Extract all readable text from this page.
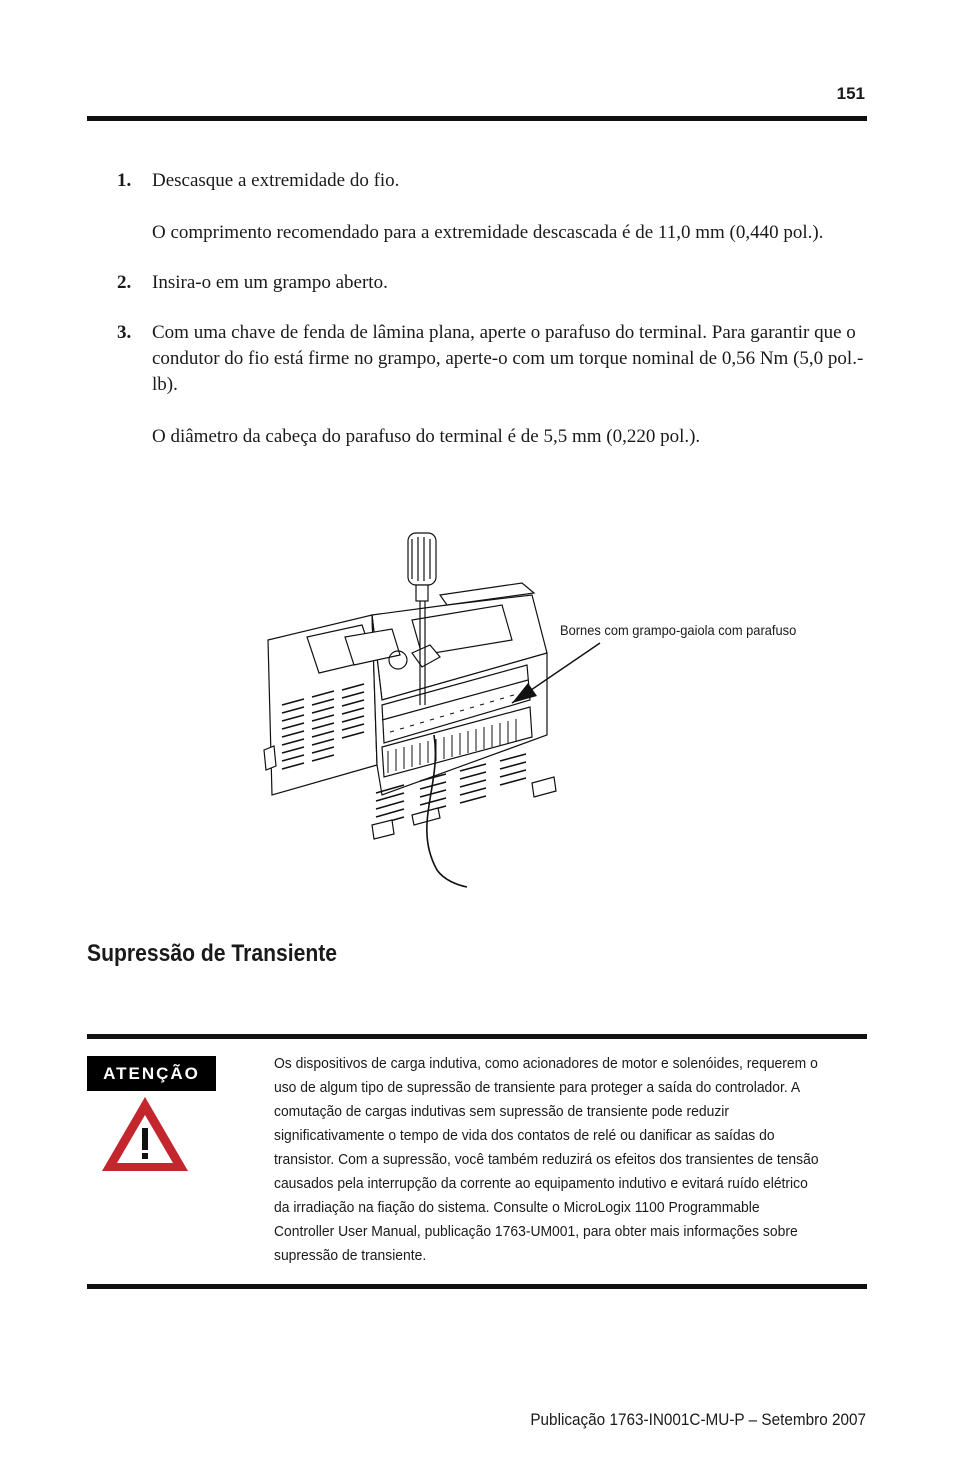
151
1. Descasque a extremidade do fio.

O comprimento recomendado para a extremidade descascada é de 11,0 mm (0,440 pol.).

2. Insira-o em um grampo aberto.

3. Com uma chave de fenda de lâmina plana, aperte o parafuso do terminal. Para garantir que o condutor do fio está firme no grampo, aperte-o com um torque nominal de 0,56 Nm (5,0 pol.-lb).

O diâmetro da cabeça do parafuso do terminal é de 5,5 mm (0,220 pol.).

Bornes com grampo-gaiola com parafuso
Supressão de Transiente
ATENÇÃO

Os dispositivos de carga indutiva, como acionadores de motor e solenóides, requerem o uso de algum tipo de supressão de transiente para proteger a saída do controlador. A comutação de cargas indutivas sem supressão de transiente pode reduzir significativamente o tempo de vida dos contatos de relé ou danificar as saídas do transistor. Com a supressão, você também reduzirá os efeitos dos transientes de tensão causados pela interrupção da corrente ao equipamento indutivo e evitará ruído elétrico da irradiação na fiação do sistema. Consulte o MicroLogix 1100 Programmable Controller User Manual, publicação 1763-UM001, para obter mais informações sobre supressão de transiente.

Publicação 1763-IN001C-MU-P – Setembro 2007
